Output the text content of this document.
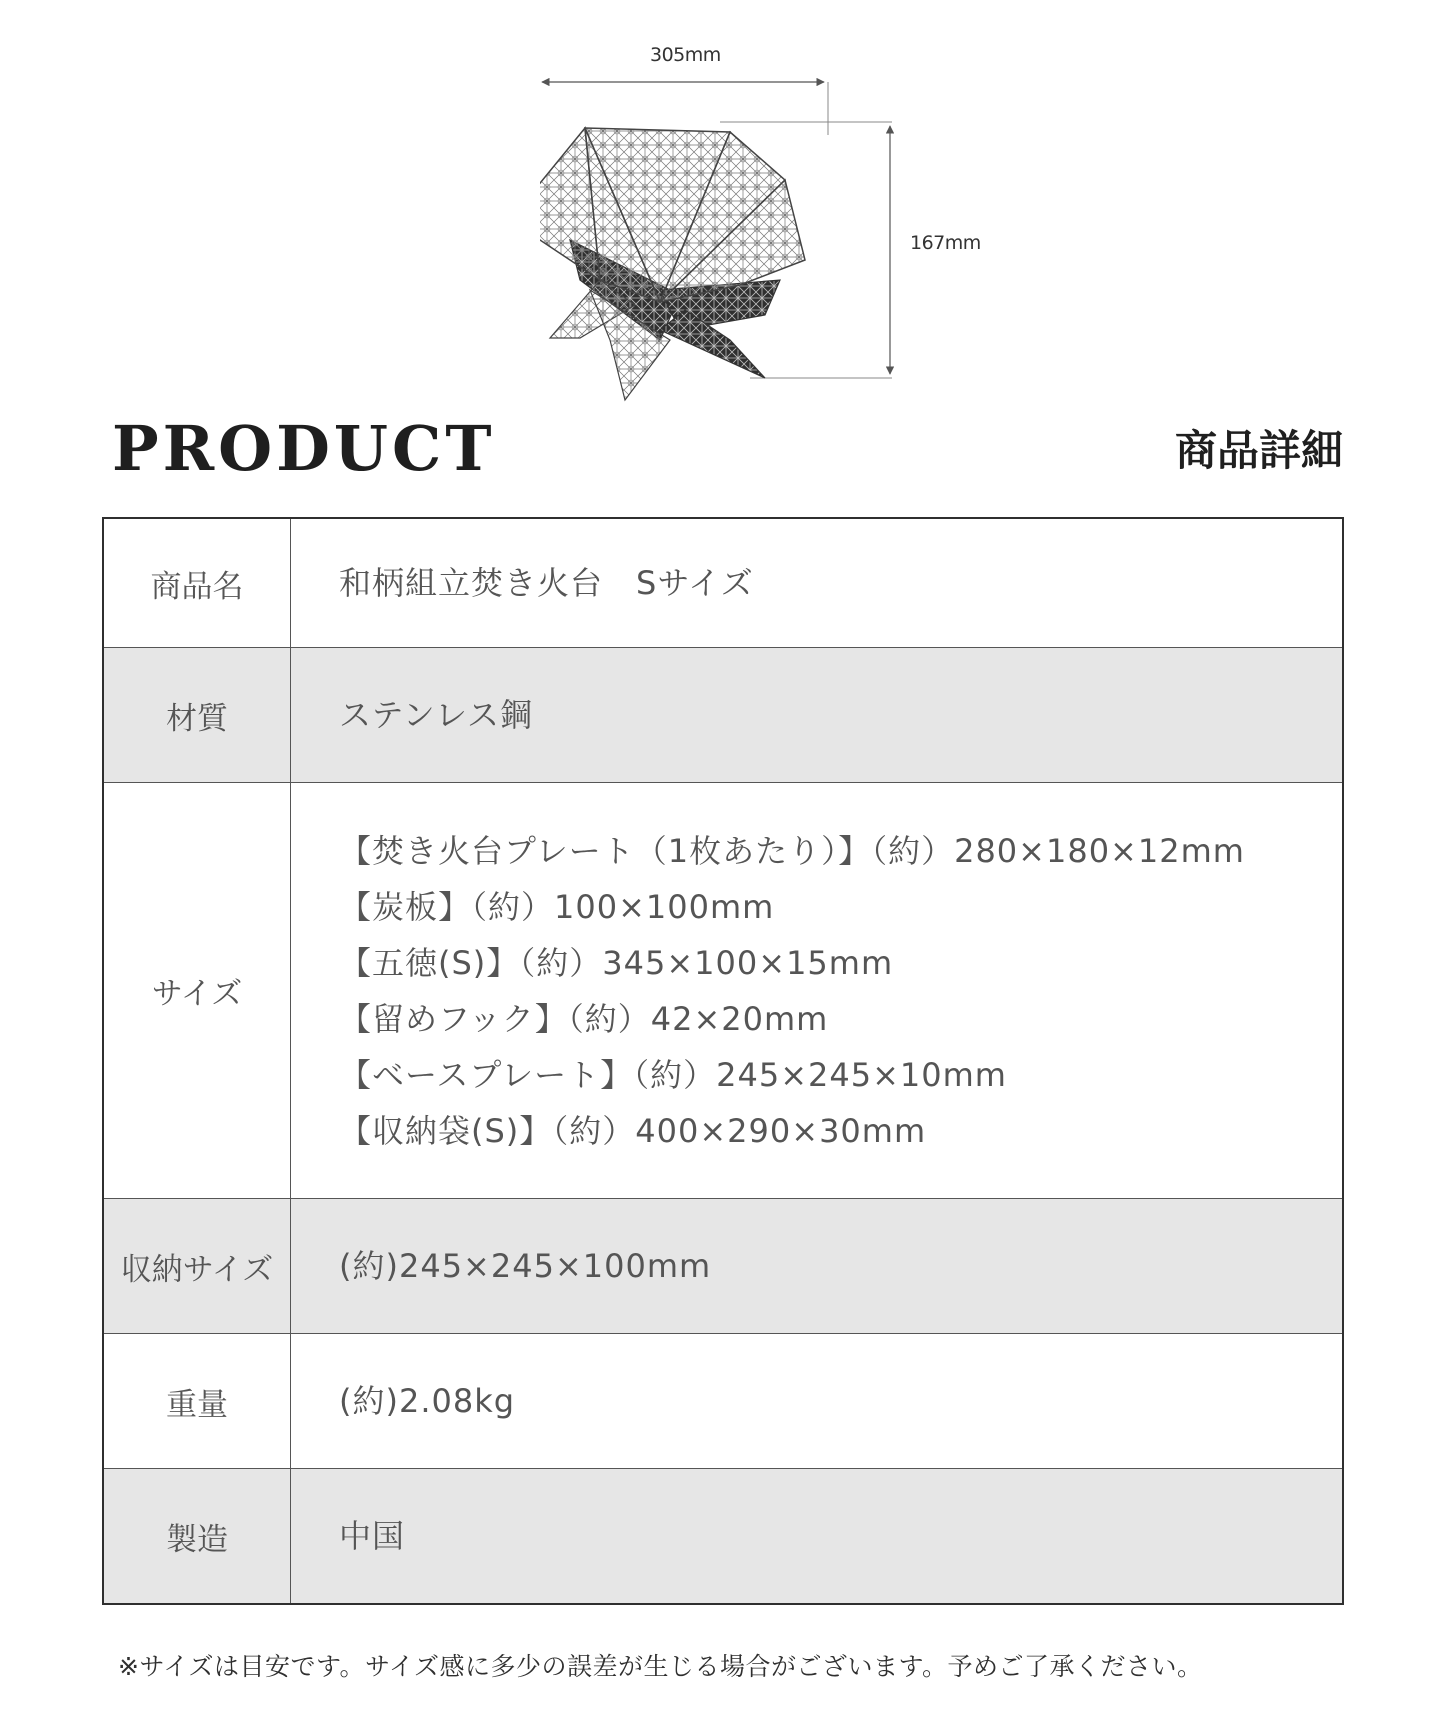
305mm
167mm
PRODUCT	商品詳細
商品名	和柄組立焚き火台　Sサイズ
材質	ステンレス鋼
サイズ
【焚き火台プレート（1枚あたり）】（約）280×180×12mm
【炭板】（約）100×100mm
【五徳(S)】（約）345×100×15mm
【留めフック】（約）42×20mm
【ベースプレート】（約）245×245×10mm
【収納袋(S)】（約）400×290×30mm
収納サイズ	(約)245×245×100mm
重量	(約)2.08kg
製造	中国

※サイズは目安です。サイズ感に多少の誤差が生じる場合がございます。予めご了承ください。
